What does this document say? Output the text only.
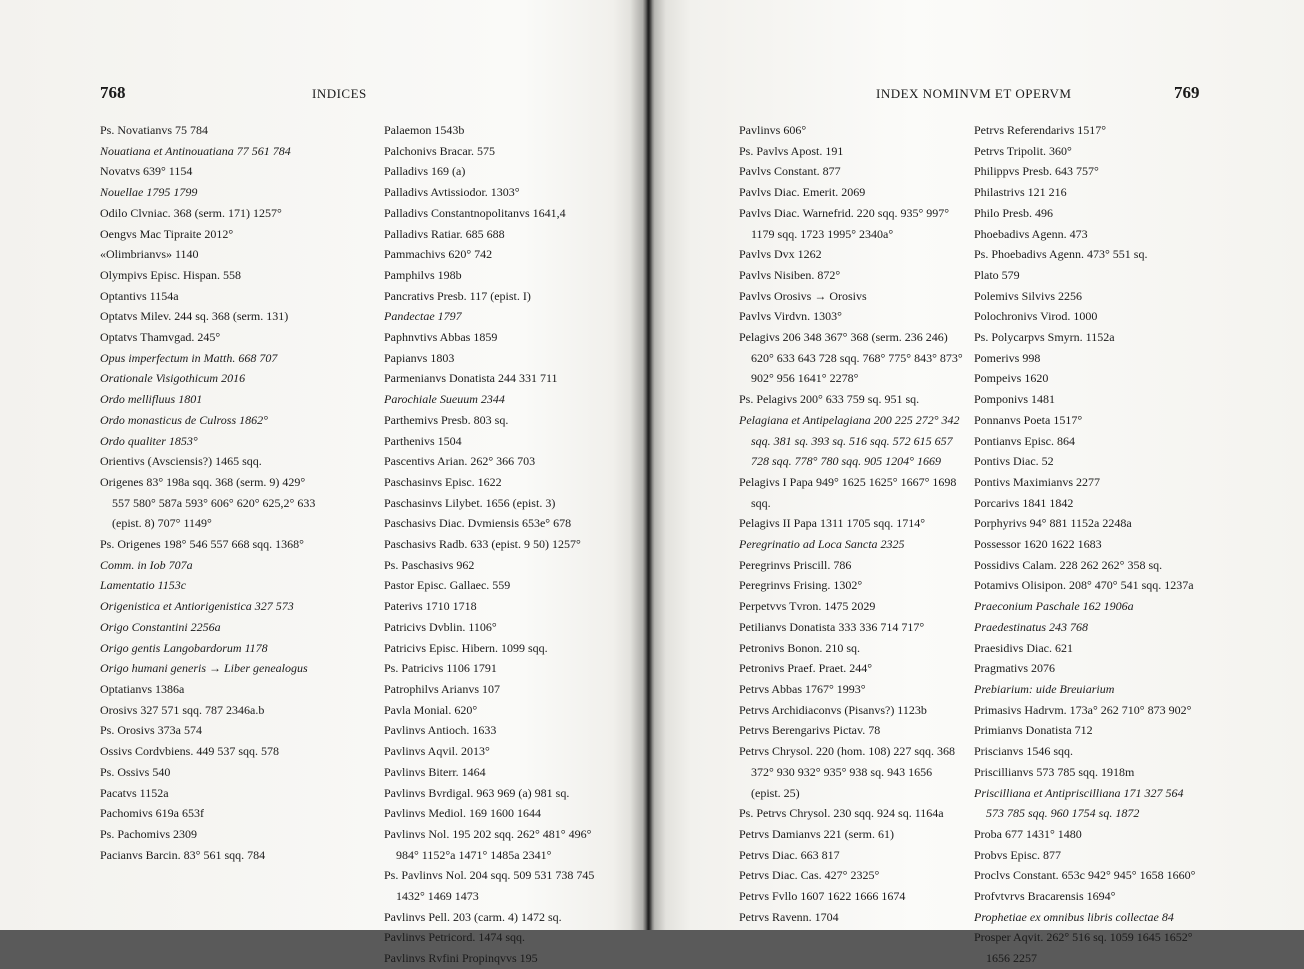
768	INDICES

Ps. Novatianvs 75 784

Nouatiana et Antinouatiana 77 561 784

Novatvs 639° 1154

Nouellae 1795 1799

Odilo Clvniac. 368 (serm. 171) 1257°

Oengvs Mac Tipraite 2012°

«Olimbrianvs» 1140

Olympivs Episc. Hispan. 558

Optantivs 1154a

Optatvs Milev. 244 sq. 368 (serm. 131)

Optatvs Thamvgad. 245°

Opus imperfectum in Matth. 668 707

Orationale Visigothicum 2016

Ordo mellifluus 1801

Ordo monasticus de Culross 1862°

Ordo qualiter 1853°

Orientivs (Avsciensis?) 1465 sqq.

Origenes 83° 198a sqq. 368 (serm. 9) 429° 557 580° 587a 593° 606° 620° 625,2° 633 (epist. 8) 707° 1149°

Ps. Origenes 198° 546 557 668 sqq. 1368°

Comm. in Iob 707a

Lamentatio 1153c

Origenistica et Antiorigenistica 327 573

Origo Constantini 2256a

Origo gentis Langobardorum 1178

Origo humani generis → Liber genealogus

Optatianvs 1386a

Orosivs 327 571 sqq. 787 2346a.b

Ps. Orosivs 373a 574

Ossivs Cordvbiens. 449 537 sqq. 578

Ps. Ossivs 540

Pacatvs 1152a

Pachomivs 619a 653f

Ps. Pachomivs 2309

Pacianvs Barcin. 83° 561 sqq. 784

Palaemon 1543b

Palchonivs Bracar. 575

Palladivs 169 (a)

Palladivs Avtissiodor. 1303°

Palladivs Constantnopolitanvs 1641,4

Palladivs Ratiar. 685 688

Pammachivs 620° 742

Pamphilvs 198b

Pancrativs Presb. 117 (epist. I)

Pandectae 1797

Paphnvtivs Abbas 1859

Papianvs 1803

Parmenianvs Donatista 244 331 711

Parochiale Sueuum 2344

Parthemivs Presb. 803 sq.

Parthenivs 1504

Pascentivs Arian. 262° 366 703

Paschasinvs Episc. 1622

Paschasinvs Lilybet. 1656 (epist. 3)

Paschasivs Diac. Dvmiensis 653e° 678

Paschasivs Radb. 633 (epist. 9 50) 1257°

Ps. Paschasivs 962

Pastor Episc. Gallaec. 559

Paterivs 1710 1718

Patricivs Dvblin. 1106°

Patricivs Episc. Hibern. 1099 sqq.

Ps. Patricivs 1106 1791

Patrophilvs Arianvs 107

Pavla Monial. 620°

Pavlinvs Antioch. 1633

Pavlinvs Aqvil. 2013°

Pavlinvs Biterr. 1464

Pavlinvs Bvrdigal. 963 969 (a) 981 sq.

Pavlinvs Mediol. 169 1600 1644

Pavlinvs Nol. 195 202 sqq. 262° 481° 496° 984° 1152°a 1471° 1485a 2341°

Ps. Pavlinvs Nol. 204 sqq. 509 531 738 745 1432° 1469 1473

Pavlinvs Pell. 203 (carm. 4) 1472 sq.

Pavlinvs Petricord. 1474 sqq.

Pavlinvs Rvfini Propinqvvs 195

INDEX NOMINVM ET OPERVM	769

Pavlinvs 606°

Ps. Pavlvs Apost. 191

Pavlvs Constant. 877

Pavlvs Diac. Emerit. 2069

Pavlvs Diac. Warnefrid. 220 sqq. 935° 997° 1179 sqq. 1723 1995° 2340a°

Pavlvs Dvx 1262

Pavlvs Nisiben. 872°

Pavlvs Orosivs → Orosivs

Pavlvs Virdvn. 1303°

Pelagivs 206 348 367° 368 (serm. 236 246) 620° 633 643 728 sqq. 768° 775° 843° 873° 902° 956 1641° 2278°

Ps. Pelagivs 200° 633 759 sq. 951 sq.

Pelagiana et Antipelagiana 200 225 272° 342 sqq. 381 sq. 393 sq. 516 sqq. 572 615 657 728 sqq. 778° 780 sqq. 905 1204° 1669

Pelagivs I Papa 949° 1625 1625° 1667° 1698 sqq.

Pelagivs II Papa 1311 1705 sqq. 1714°

Peregrinatio ad Loca Sancta 2325

Peregrinvs Priscill. 786

Peregrinvs Frising. 1302°

Perpetvvs Tvron. 1475 2029

Petilianvs Donatista 333 336 714 717°

Petronivs Bonon. 210 sq.

Petronivs Praef. Praet. 244°

Petrvs Abbas 1767° 1993°

Petrvs Archidiaconvs (Pisanvs?) 1123b

Petrvs Berengarivs Pictav. 78

Petrvs Chrysol. 220 (hom. 108) 227 sqq. 368 372° 930 932° 935° 938 sq. 943 1656 (epist. 25)

Ps. Petrvs Chrysol. 230 sqq. 924 sq. 1164a

Petrvs Damianvs 221 (serm. 61)

Petrvs Diac. 663 817

Petrvs Diac. Cas. 427° 2325°

Petrvs Fvllo 1607 1622 1666 1674

Petrvs Ravenn. 1704

Petrvs Referendarivs 1517°

Petrvs Tripolit. 360°

Philippvs Presb. 643 757°

Philastrivs 121 216

Philo Presb. 496

Phoebadivs Agenn. 473

Ps. Phoebadivs Agenn. 473° 551 sq.

Plato 579

Polemivs Silvivs 2256

Polochronivs Virod. 1000

Ps. Polycarpvs Smyrn. 1152a

Pomerivs 998

Pompeivs 1620

Pomponivs 1481

Ponnanvs Poeta 1517°

Pontianvs Episc. 864

Pontivs Diac. 52

Pontivs Maximianvs 2277

Porcarivs 1841 1842

Porphyrivs 94° 881 1152a 2248a

Possessor 1620 1622 1683

Possidivs Calam. 228 262 262° 358 sq.

Potamivs Olisipon. 208° 470° 541 sqq. 1237a

Praeconium Paschale 162 1906a

Praedestinatus 243 768

Praesidivs Diac. 621

Pragmativs 2076

Prebiarium: uide Breuiarium

Primasivs Hadrvm. 173a° 262 710° 873 902°

Primianvs Donatista 712

Priscianvs 1546 sqq.

Priscillianvs 573 785 sqq. 1918m

Priscilliana et Antipriscilliana 171 327 564 573 785 sqq. 960 1754 sq. 1872

Proba 677 1431° 1480

Probvs Episc. 877

Proclvs Constant. 653c 942° 945° 1658 1660°

Profvtvrvs Bracarensis 1694°

Prophetiae ex omnibus libris collectae 84

Prosper Aqvit. 262° 516 sq. 1059 1645 1652° 1656 2257
